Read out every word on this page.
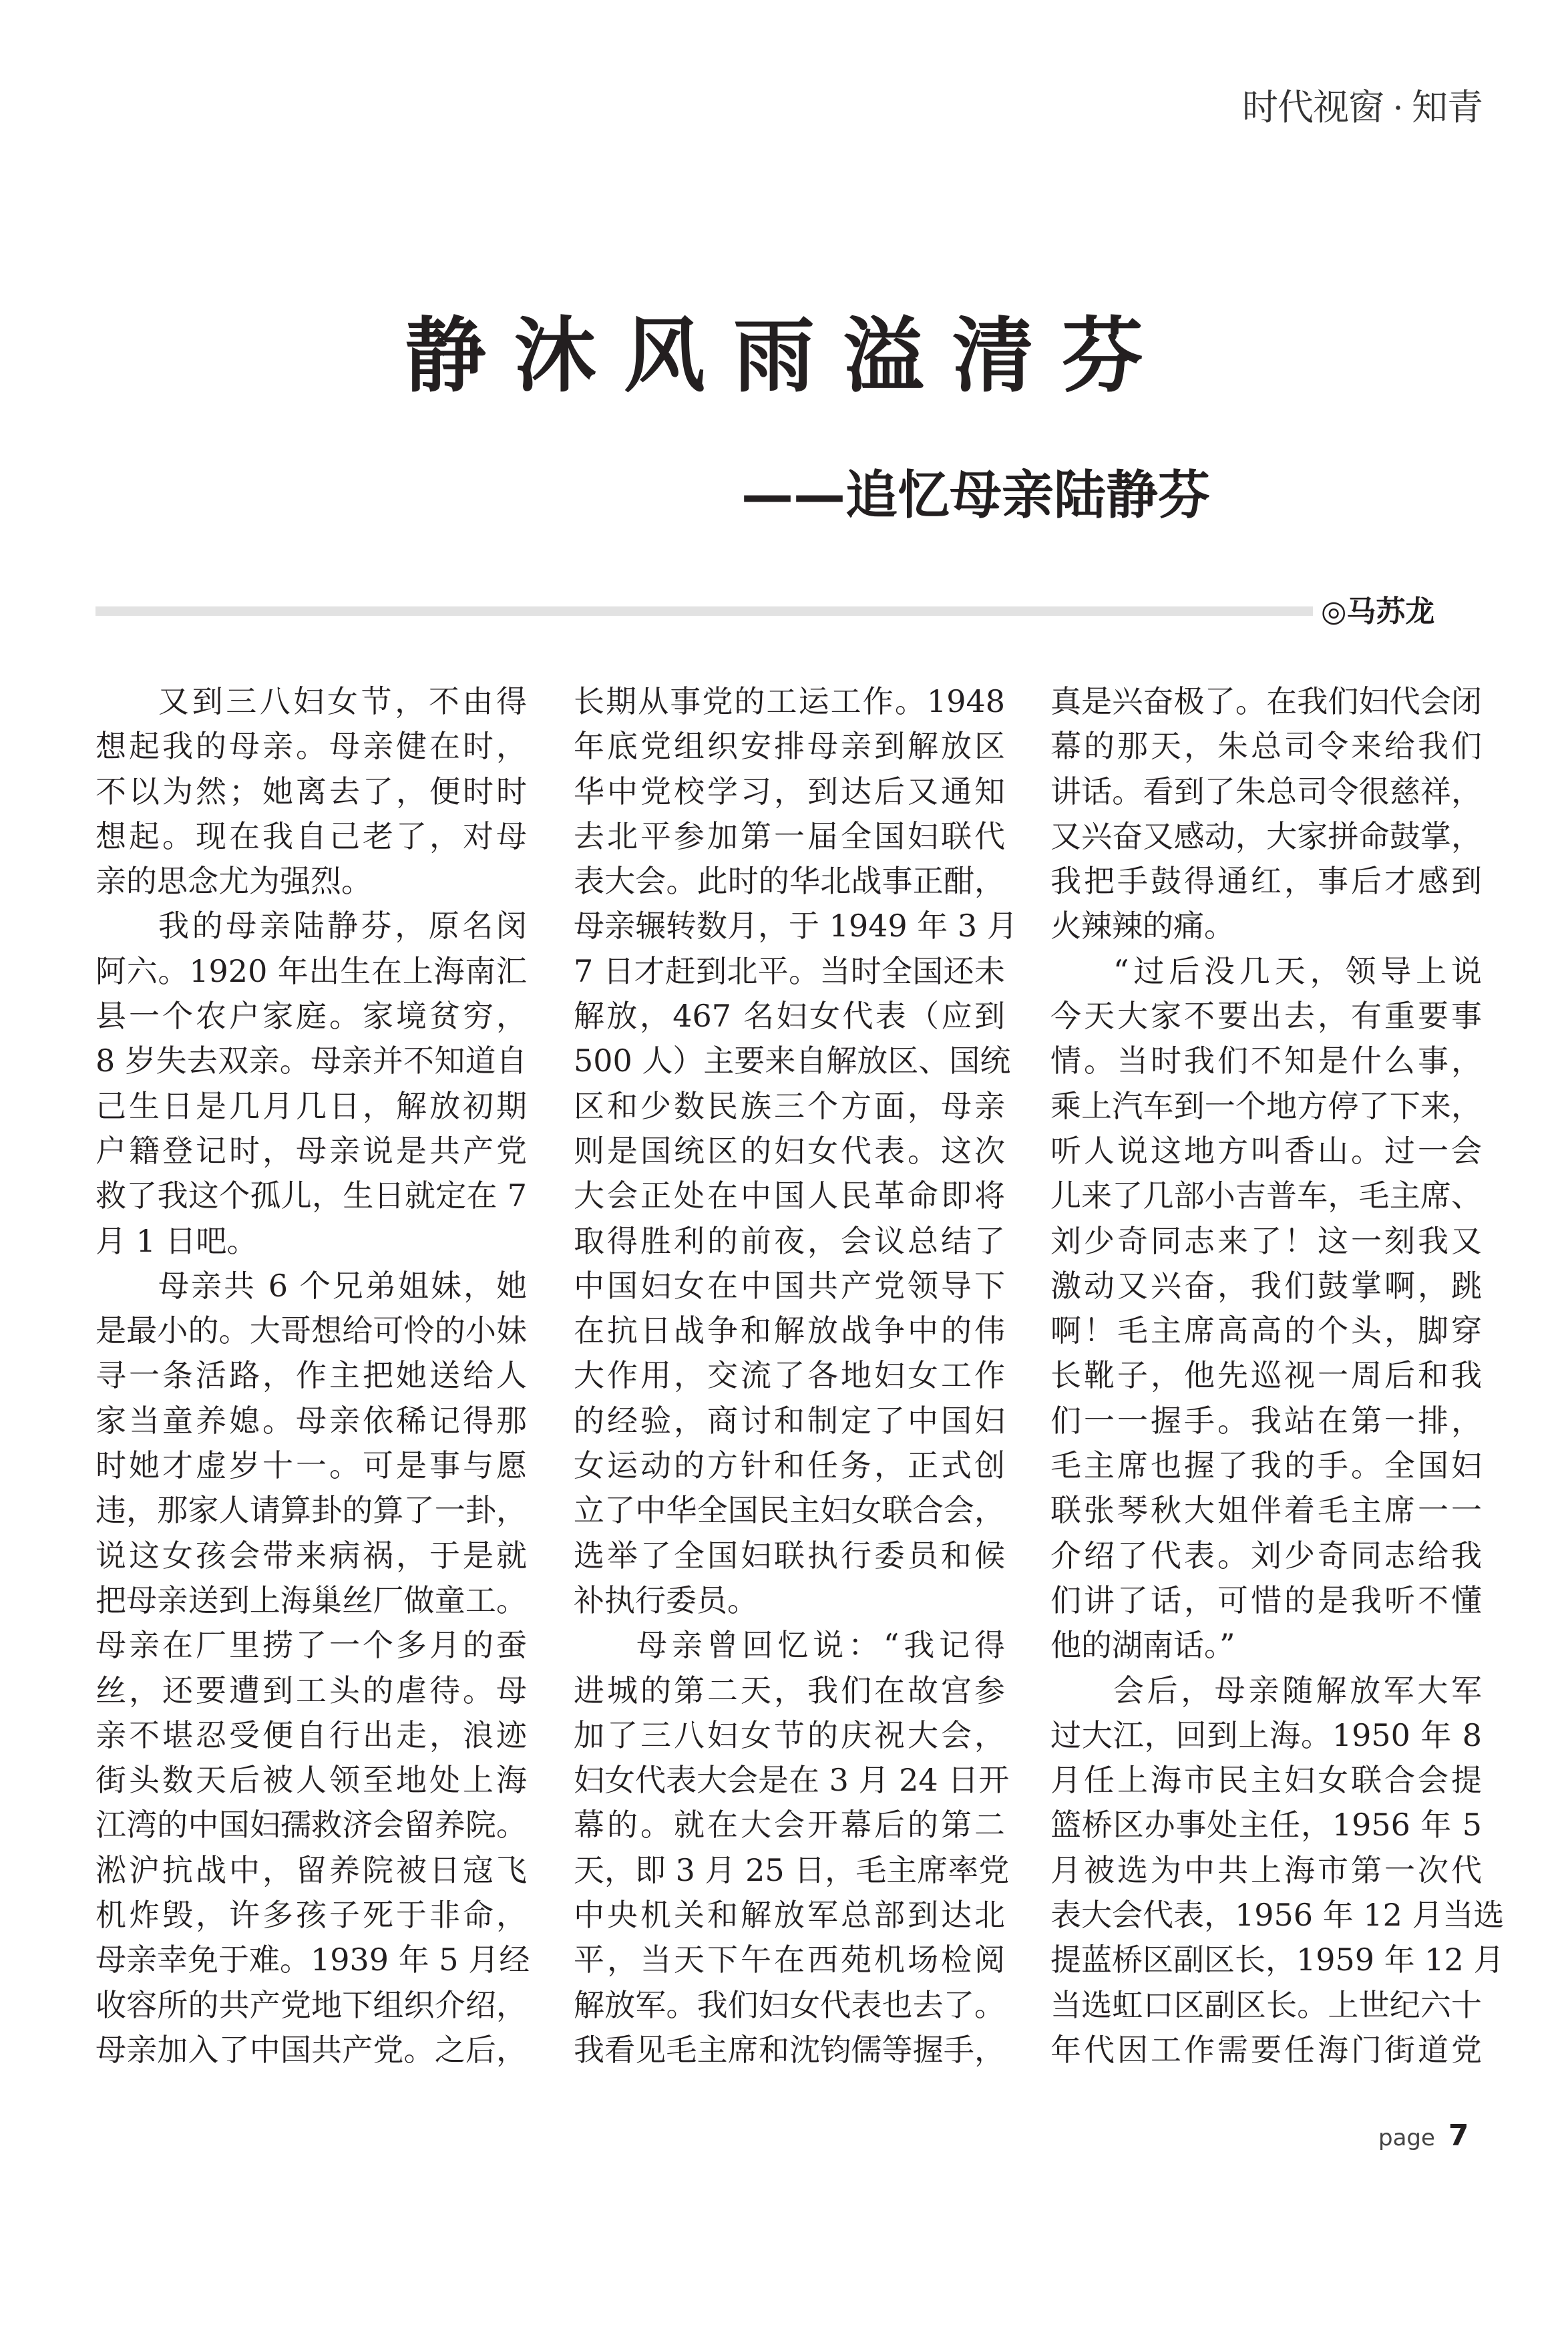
时代视窗 · 知青
静沐风雨溢清芬
——追忆母亲陆静芬
◎马苏龙
又到三八妇女节，不由得
想起我的母亲。母亲健在时，
不以为然；她离去了，便时时
想起。现在我自己老了，对母
亲的思念尤为强烈。
我的母亲陆静芬，原名闵
阿六。1920 年出生在上海南汇
县一个农户家庭。家境贫穷，
8 岁失去双亲。母亲并不知道自
己生日是几月几日，解放初期
户籍登记时，母亲说是共产党
救了我这个孤儿，生日就定在 7
月 1 日吧。
母亲共 6 个兄弟姐妹，她
是最小的。大哥想给可怜的小妹
寻一条活路，作主把她送给人
家当童养媳。母亲依稀记得那
时她才虚岁十一。可是事与愿
违，那家人请算卦的算了一卦，
说这女孩会带来病祸，于是就
把母亲送到上海巢丝厂做童工。
母亲在厂里捞了一个多月的蚕
丝，还要遭到工头的虐待。母
亲不堪忍受便自行出走，浪迹
街头数天后被人领至地处上海
江湾的中国妇孺救济会留养院。
淞沪抗战中，留养院被日寇飞
机炸毁，许多孩子死于非命，
母亲幸免于难。1939 年 5 月经
收容所的共产党地下组织介绍，
母亲加入了中国共产党。之后，
长期从事党的工运工作。1948
年底党组织安排母亲到解放区
华中党校学习，到达后又通知
去北平参加第一届全国妇联代
表大会。此时的华北战事正酣，
母亲辗转数月，于 1949 年 3 月
7 日才赶到北平。当时全国还未
解放，467 名妇女代表（应到
500 人）主要来自解放区、国统
区和少数民族三个方面，母亲
则是国统区的妇女代表。这次
大会正处在中国人民革命即将
取得胜利的前夜，会议总结了
中国妇女在中国共产党领导下
在抗日战争和解放战争中的伟
大作用，交流了各地妇女工作
的经验，商讨和制定了中国妇
女运动的方针和任务，正式创
立了中华全国民主妇女联合会，
选举了全国妇联执行委员和候
补执行委员。
母亲曾回忆说：“我记得
进城的第二天，我们在故宫参
加了三八妇女节的庆祝大会，
妇女代表大会是在 3 月 24 日开
幕的。就在大会开幕后的第二
天，即 3 月 25 日，毛主席率党
中央机关和解放军总部到达北
平，当天下午在西苑机场检阅
解放军。我们妇女代表也去了。
我看见毛主席和沈钧儒等握手，
真是兴奋极了。在我们妇代会闭
幕的那天，朱总司令来给我们
讲话。看到了朱总司令很慈祥，
又兴奋又感动，大家拼命鼓掌，
我把手鼓得通红，事后才感到
火辣辣的痛。
“过后没几天，领导上说
今天大家不要出去，有重要事
情。当时我们不知是什么事，
乘上汽车到一个地方停了下来，
听人说这地方叫香山。过一会
儿来了几部小吉普车，毛主席、
刘少奇同志来了！这一刻我又
激动又兴奋，我们鼓掌啊，跳
啊！毛主席高高的个头，脚穿
长靴子，他先巡视一周后和我
们一一握手。我站在第一排，
毛主席也握了我的手。全国妇
联张琴秋大姐伴着毛主席一一
介绍了代表。刘少奇同志给我
们讲了话，可惜的是我听不懂
他的湖南话。”
会后，母亲随解放军大军
过大江，回到上海。1950 年 8
月任上海市民主妇女联合会提
篮桥区办事处主任，1956 年 5
月被选为中共上海市第一次代
表大会代表，1956 年 12 月当选
提蓝桥区副区长，1959 年 12 月
当选虹口区副区长。上世纪六十
年代因工作需要任海门街道党
page 7
